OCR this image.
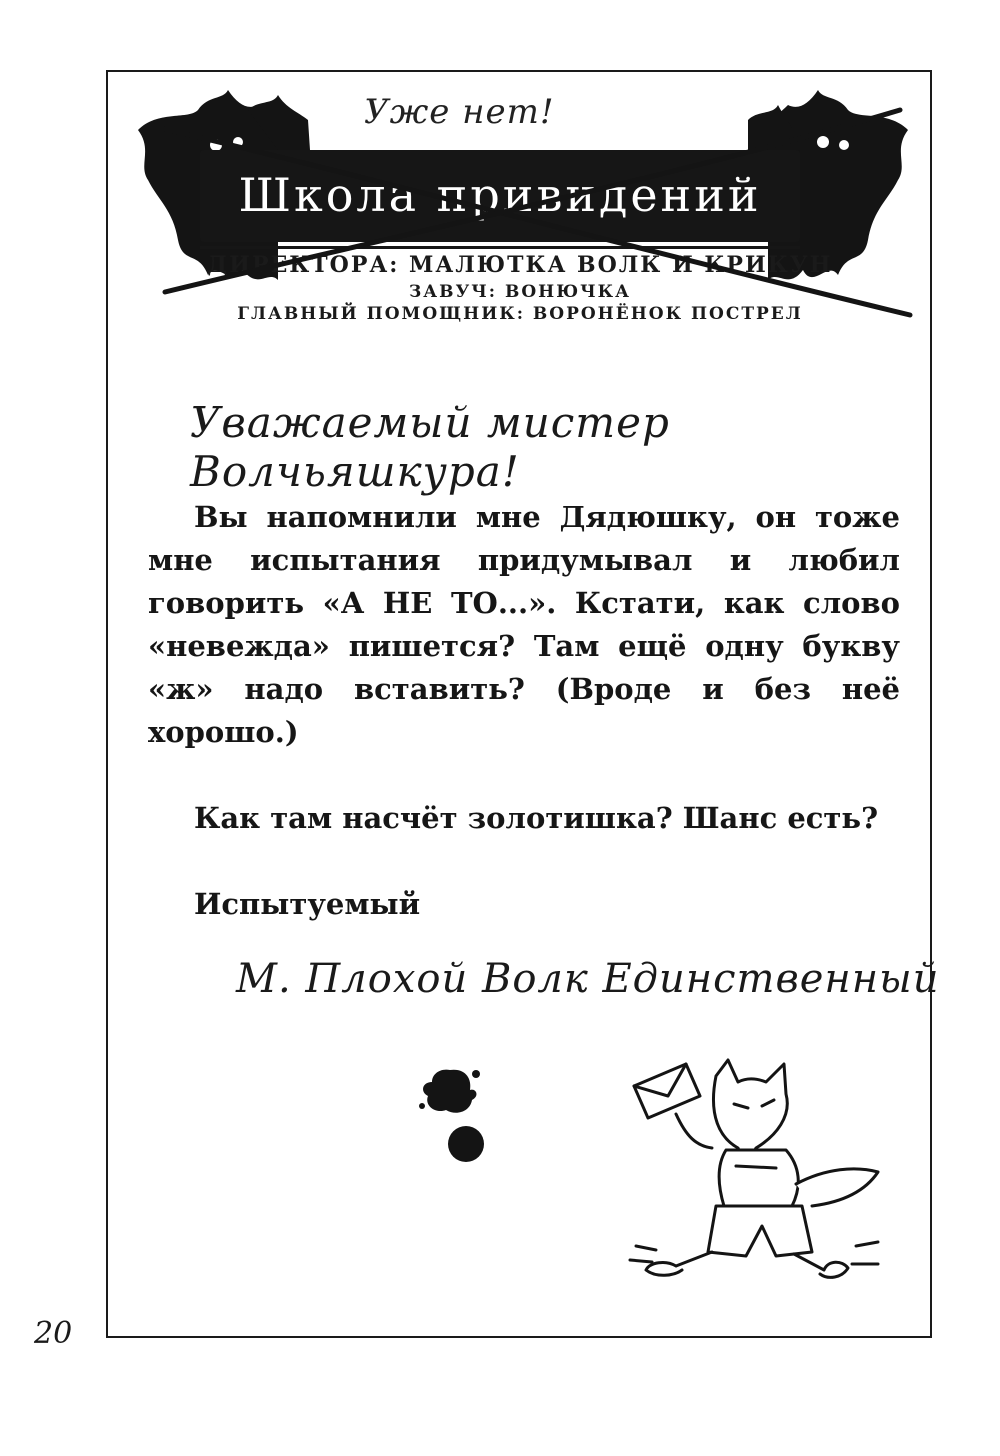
Школа привидений
ДИРЕКТОРА: МАЛЮТКА ВОЛК И КРИКУН
ЗАВУЧ: ВОНЮЧКА
ГЛАВНЫЙ ПОМОЩНИК: ВОРОНЁНОК ПОСТРЕЛ
Уже нет!
Уважаемый мистер Волчьяшкура!

Вы напомнили мне Дядюшку, он тоже мне испытания придумывал и любил говорить «А НЕ ТО...». Кстати, как слово «невежда» пишется? Там ещё одну букву «ж» надо вставить? (Вроде и без неё хорошо.)

Как там насчёт золотишка? Шанс есть?

Испытуемый

М. Плохой Волк Единственный
20
